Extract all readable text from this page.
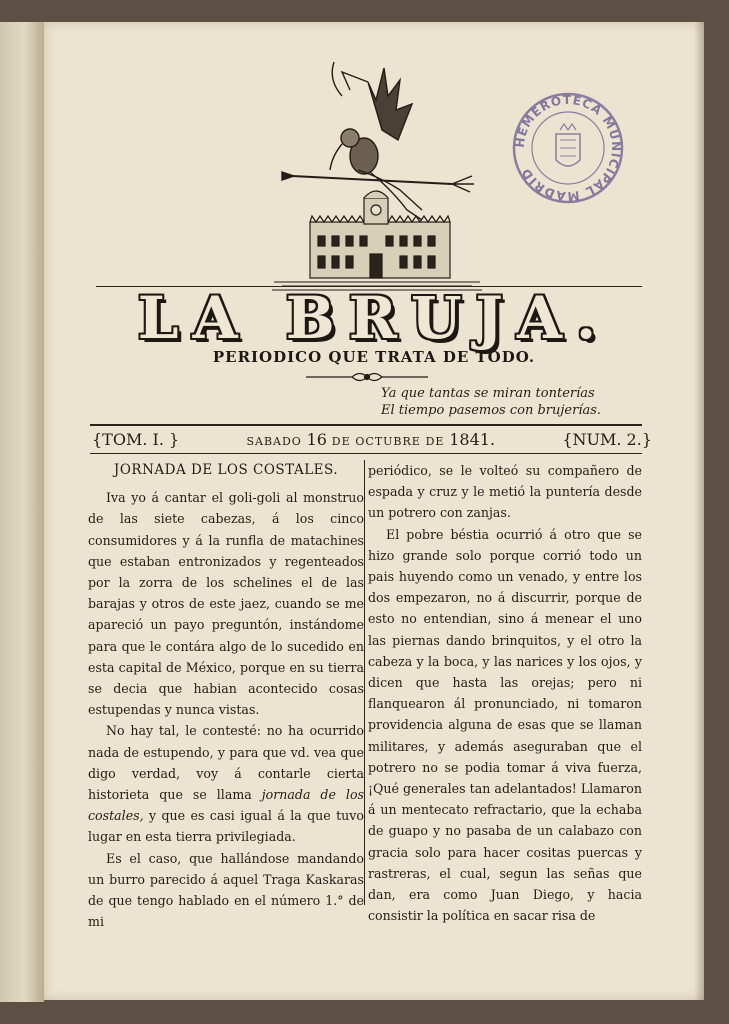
HEMEROTECA MUNICIPAL MADRID
LA BRUJA.
PERIODICO QUE TRATA DE TODO.
Ya que tantas se miran tonterías
El tiempo pasemos con brujerías.
{TOM. I. }	SABADO 16 DE OCTUBRE DE 1841.	{NUM. 2.}
JORNADA DE LOS COSTALES.

Iva yo á cantar el goli-goli al monstruo de las siete cabezas, á los cinco consumidores y á la runfla de matachines que estaban entronizados y regenteados por la zorra de los schelines el de las barajas y otros de este jaez, cuando se me apareció un payo preguntón, instándome para que le contára algo de lo sucedido en esta capital de México, porque en su tierra se decia que habian acontecido cosas estupendas y nunca vistas.

No hay tal, le contesté: no ha ocurrido nada de estupendo, y para que vd. vea que digo verdad, voy á contarle cierta historieta que se llama jornada de los costales, y que es casi igual á la que tuvo lugar en esta tierra privilegiada.

Es el caso, que hallándose mandando un burro parecido á aquel Traga Kaskaras de que tengo hablado en el número 1.° de mi

periódico, se le volteó su compañero de espada y cruz y le metió la puntería desde un potrero con zanjas.

El pobre béstia ocurrió á otro que se hizo grande solo porque corrió todo un pais huyendo como un venado, y entre los dos empezaron, no á discurrir, porque de esto no entendian, sino á menear el uno las piernas dando brinquitos, y el otro la cabeza y la boca, y las narices y los ojos, y dicen que hasta las orejas; pero ni flanquearon ál pronunciado, ni tomaron providencia alguna de esas que se llaman militares, y además aseguraban que el potrero no se podia tomar á viva fuerza, ¡Qué generales tan adelantados! Llamaron á un mentecato refractario, que la echaba de guapo y no pasaba de un calabazo con gracia solo para hacer cositas puercas y rastreras, el cual, segun las señas que dan, era como Juan Diego, y hacia consistir la política en sacar risa de
